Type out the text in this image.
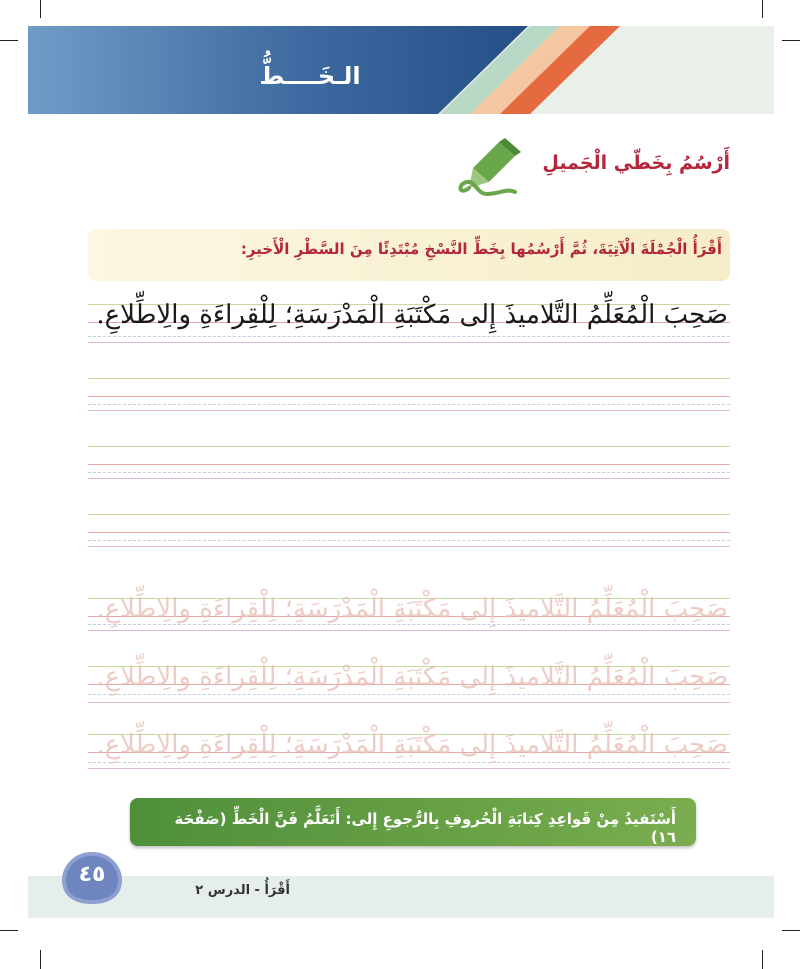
الـخَــــطُّ
أَرْسُمُ بِخَطّي الْجَميلِ
أَقْرَأُ الْجُمْلَةَ الْآتِيَةَ، ثُمَّ أَرْسُمُها بِخَطِّ النَّسْخِ مُبْتَدِئًا مِنَ السَّطْرِ الْأَخيرِ:
صَحِبَ الْمُعَلِّمُ التَّلاميذَ إِلى مَكْتَبَةِ الْمَدْرَسَةِ؛ لِلْقِراءَةِ والِاطِّلاعِ.
صَحِبَ الْمُعَلِّمُ التَّلاميذَ إِلى مَكْتَبَةِ الْمَدْرَسَةِ؛ لِلْقِراءَةِ والِاطِّلاعِ.
صَحِبَ الْمُعَلِّمُ التَّلاميذَ إِلى مَكْتَبَةِ الْمَدْرَسَةِ؛ لِلْقِراءَةِ والِاطِّلاعِ.
صَحِبَ الْمُعَلِّمُ التَّلاميذَ إِلى مَكْتَبَةِ الْمَدْرَسَةِ؛ لِلْقِراءَةِ والِاطِّلاعِ.
أَسْتَفيدُ مِنْ قَواعِدِ كِتابَةِ الْحُروفِ بِالرُّجوعِ إِلى: أَتَعَلَّمُ فَنَّ الْخَطِّ (صَفْحَة ١٦)
٤٥
أَقْرَأُ - الدرس ٢
